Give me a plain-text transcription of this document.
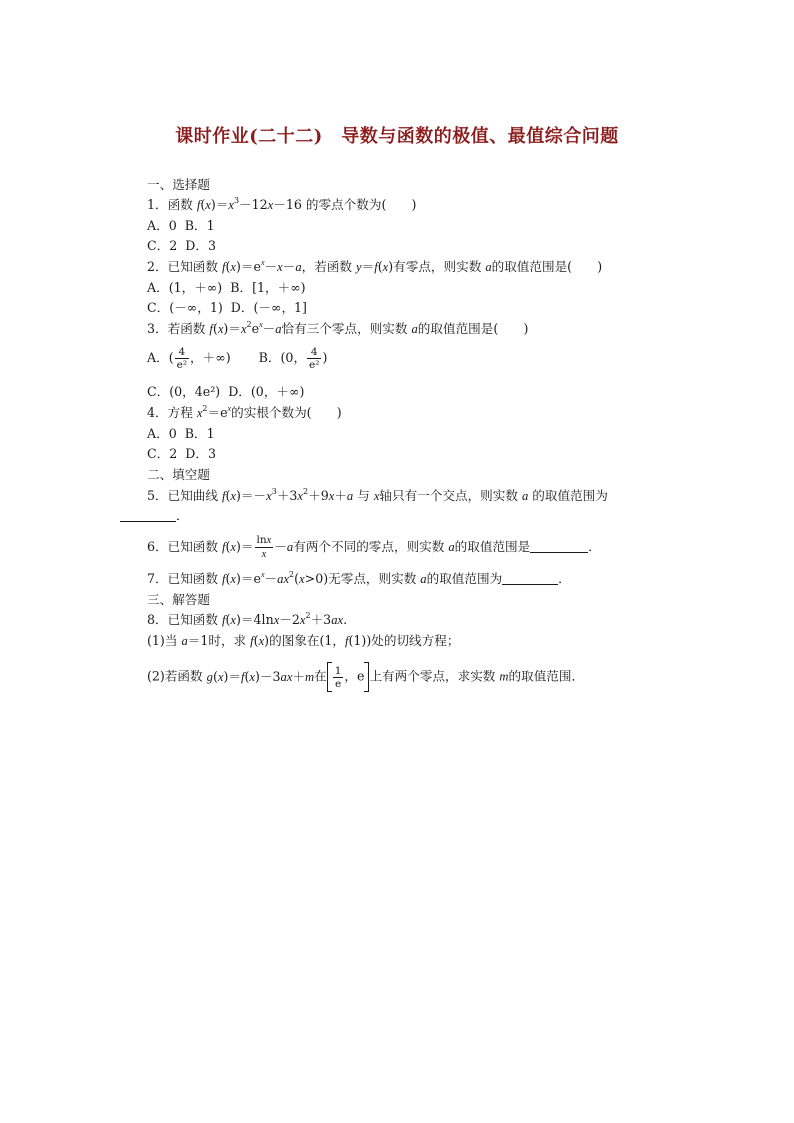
课时作业(二十二)　导数与函数的极值、最值综合问题
一、选择题
1．函数 $f(x)=x^3-12x-16$ 的零点个数为(　　)
A．0 B．1
C．2 D．3
2．已知函数 $f(x)=e^x-x-a$，若函数 y＝f(x)有零点，则实数 a的取值范围是(　　)
A．(1，＋∞) B．[1，＋∞)
C．(－∞，1) D．(－∞，1]
3．若函数 $f(x)=x^2e^x-a$恰有三个零点，则实数 a的取值范围是(　　)
A．( $\frac{4}{\text{e²}}$ ，＋∞) B．(0， $\frac{4}{\text{e²}}$ )
C．(0，4e²) D．(0，＋∞)
4．方程 $x^2=e^x$的实根个数为(　　)
A．0 B．1
C．2 D．3
二、填空题
5．已知曲线 $f(x)=-x^3+3x^2+9x+a$ 与 x轴只有一个交点，则实数 a 的取值范围为
．
6．已知函数 $f(x)= \frac{\ln x}{x} -a$有两个不同的零点，则实数 a的取值范围是	．
7．已知函数 $f(x)=e^x-ax^2(x>0)$无零点，则实数 a的取值范围为	．
三、解答题
8．已知函数 $f(x)=4\ln x-2x^2+3ax$.
(1)当 a＝1时，求 f(x)的图象在(1，f(1))处的切线方程；
(2)若函数 g(x)＝f(x)－3ax＋m在 $\frac{1}{e}$ ，e 上有两个零点，求实数 m的取值范围．
